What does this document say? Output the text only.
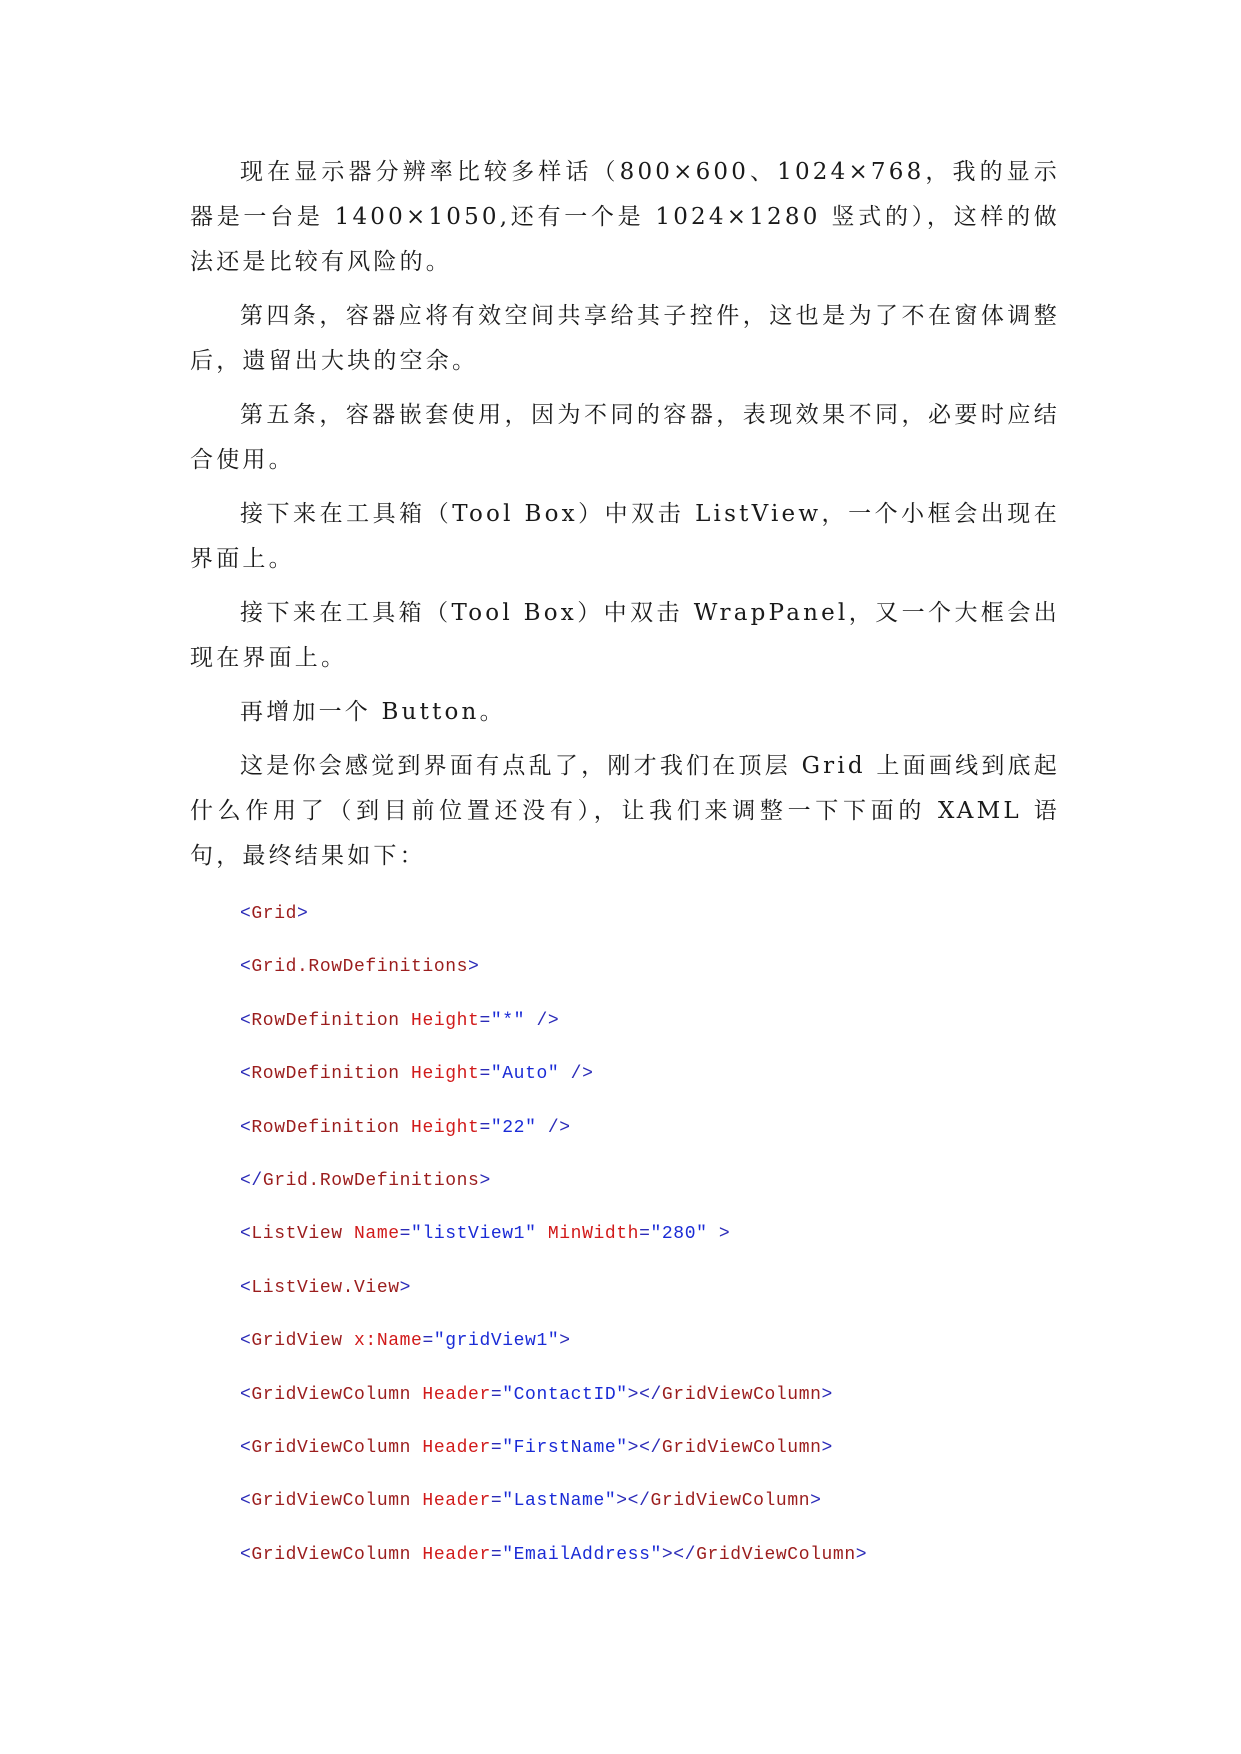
现在显示器分辨率比较多样话（800×600、1024×768，我的显示器是一台是 1400×1050,还有一个是 1024×1280 竖式的），这样的做法还是比较有风险的。

第四条，容器应将有效空间共享给其子控件，这也是为了不在窗体调整后，遗留出大块的空余。

第五条，容器嵌套使用，因为不同的容器，表现效果不同，必要时应结合使用。

接下来在工具箱（Tool Box）中双击 ListView，一个小框会出现在界面上。

接下来在工具箱（Tool Box）中双击 WrapPanel，又一个大框会出现在界面上。

再增加一个 Button。

这是你会感觉到界面有点乱了，刚才我们在顶层 Grid 上面画线到底起什么作用了（到目前位置还没有），让我们来调整一下下面的 XAML 语句，最终结果如下：

<Grid>
<Grid.RowDefinitions>
<RowDefinition Height="*" />
<RowDefinition Height="Auto" />
<RowDefinition Height="22" />
</Grid.RowDefinitions>
<ListView Name="listView1" MinWidth="280" >
<ListView.View>
<GridView x:Name="gridView1">
<GridViewColumn Header="ContactID"></GridViewColumn>
<GridViewColumn Header="FirstName"></GridViewColumn>
<GridViewColumn Header="LastName"></GridViewColumn>
<GridViewColumn Header="EmailAddress"></GridViewColumn>
